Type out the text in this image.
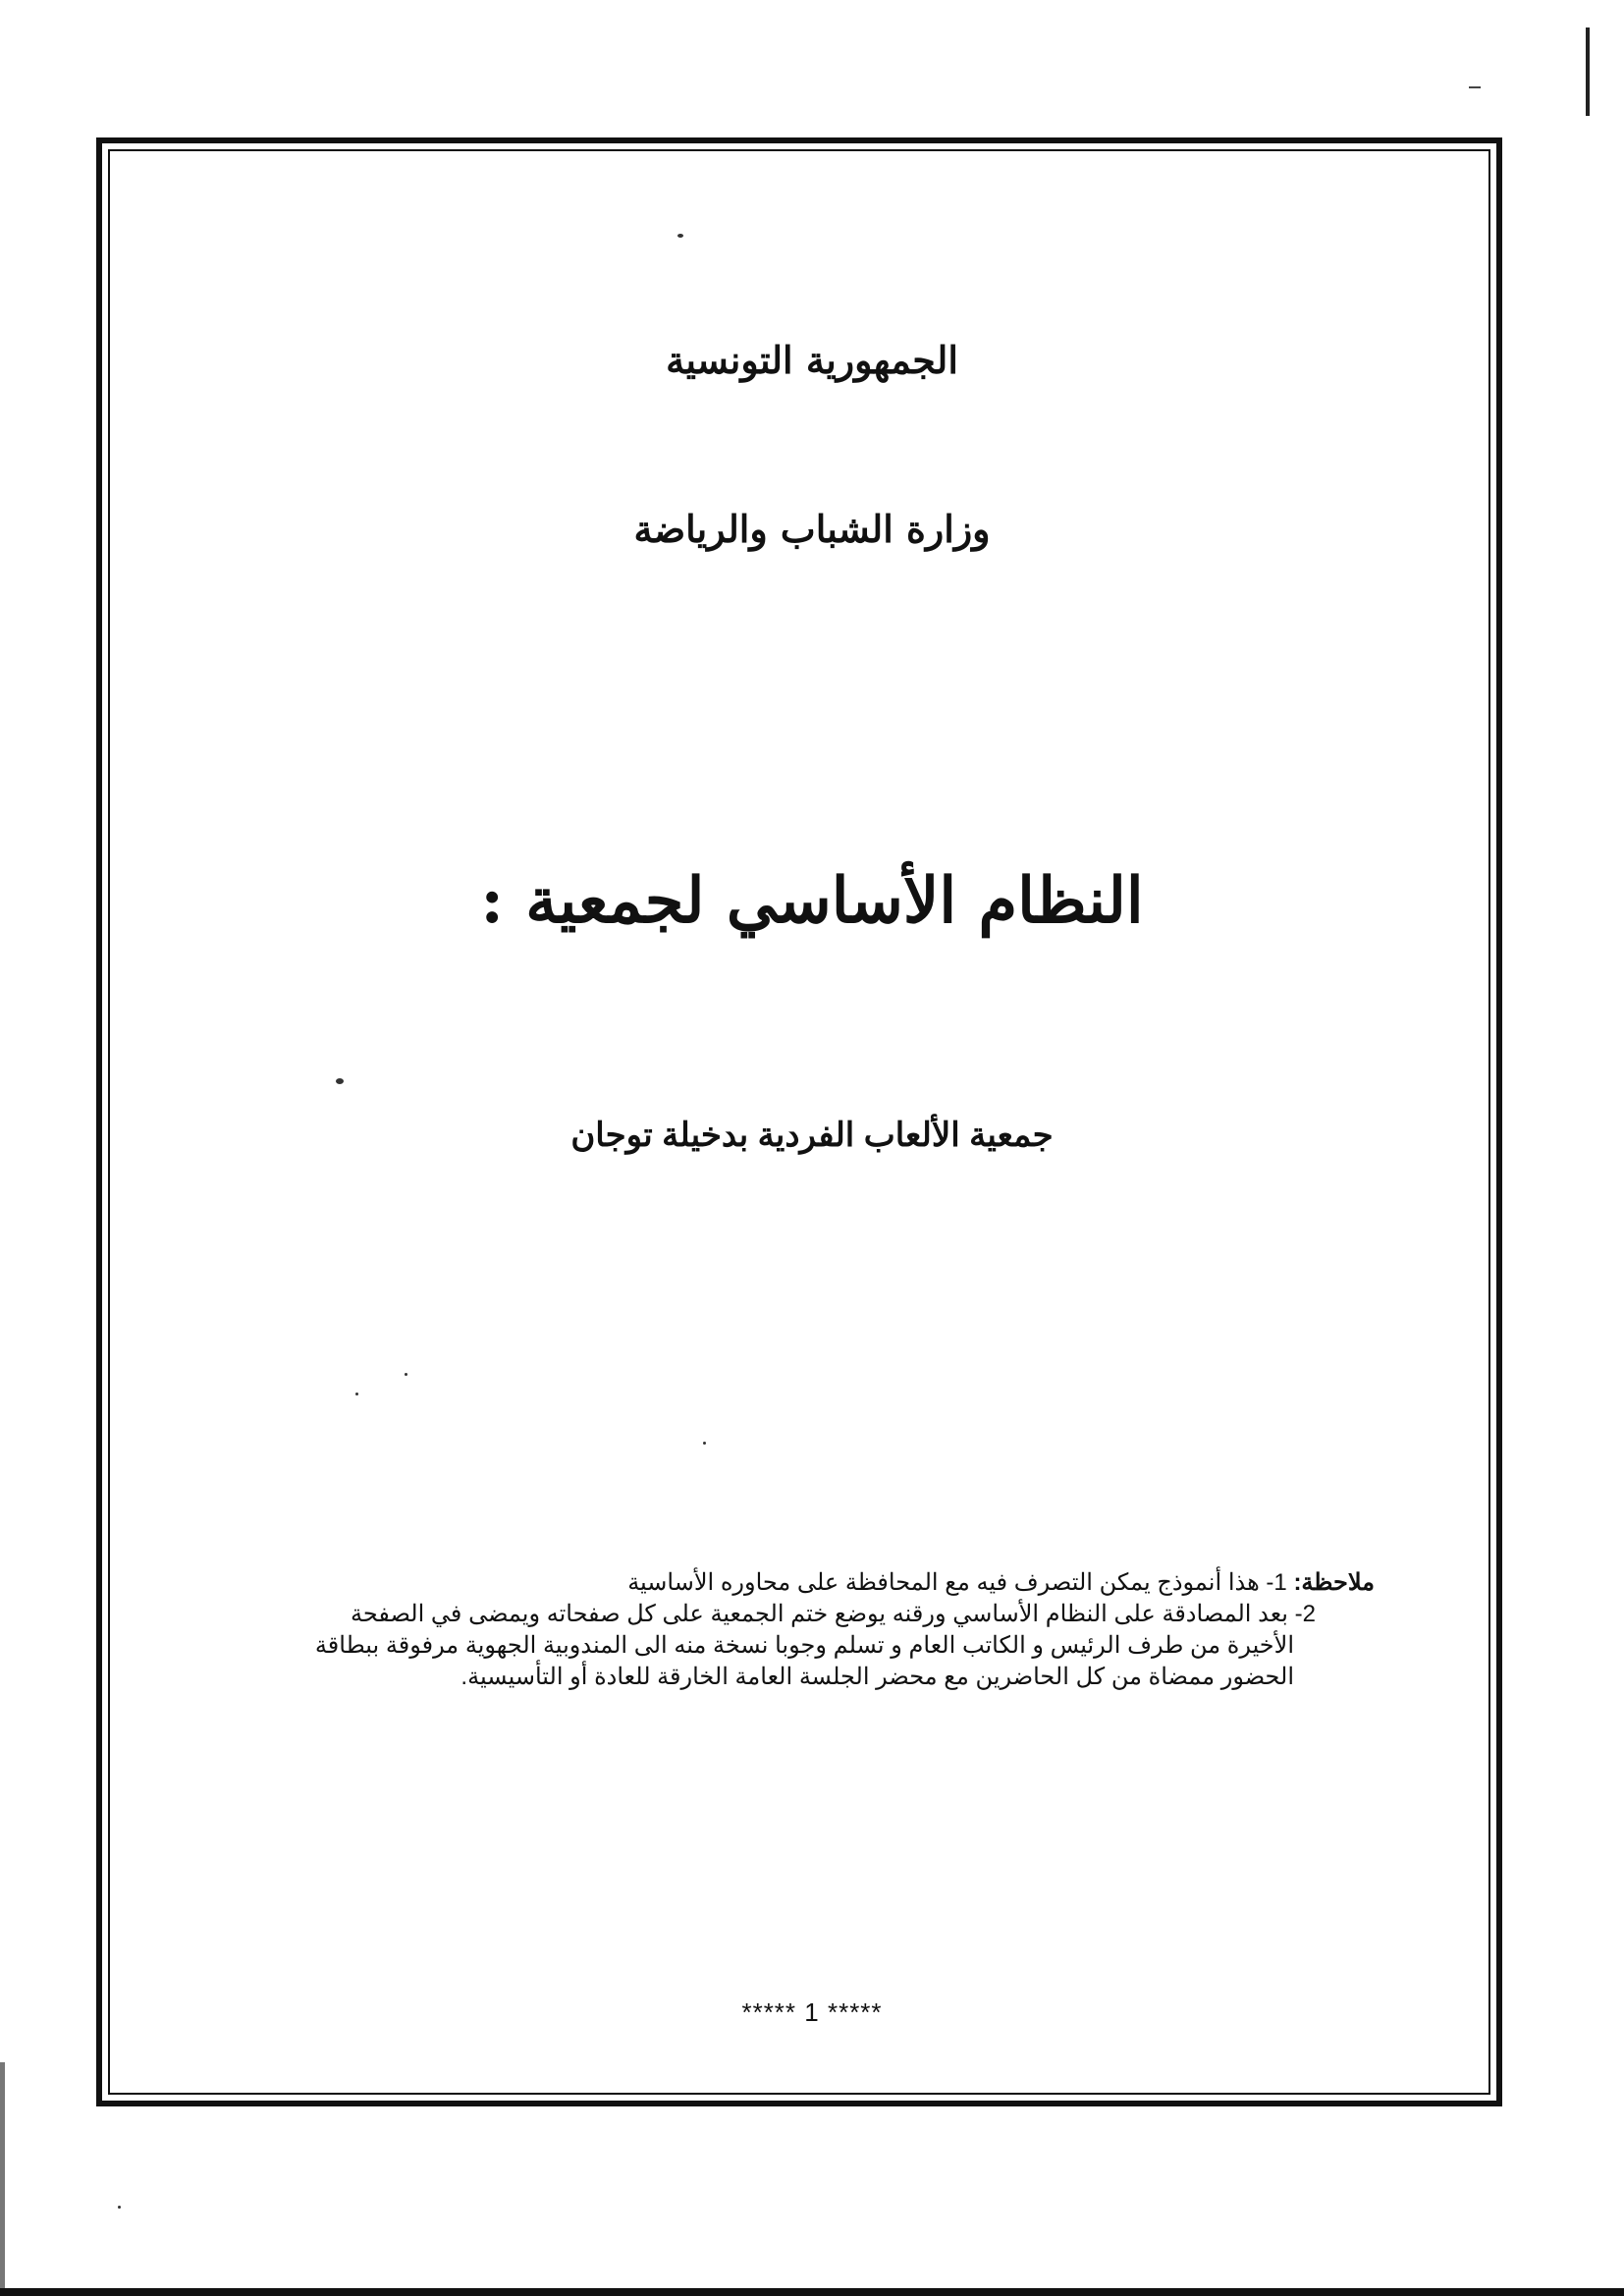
الجمهورية التونسية
وزارة الشباب والرياضة
النظام الأساسي لجمعية :
جمعية الألعاب الفردية بدخيلة توجان
ملاحظة: 1- هذا أنموذج يمكن التصرف فيه مع المحافظة على محاوره الأساسية
2- بعد المصادقة على النظام الأساسي ورقنه يوضع ختم الجمعية على كل صفحاته ويمضى في الصفحة
الأخيرة من طرف الرئيس و الكاتب العام و تسلم وجوبا نسخة منه الى المندوبية الجهوية مرفوقة ببطاقة
الحضور ممضاة من كل الحاضرين مع محضر الجلسة العامة الخارقة للعادة أو التأسيسية.
***** 1 *****
